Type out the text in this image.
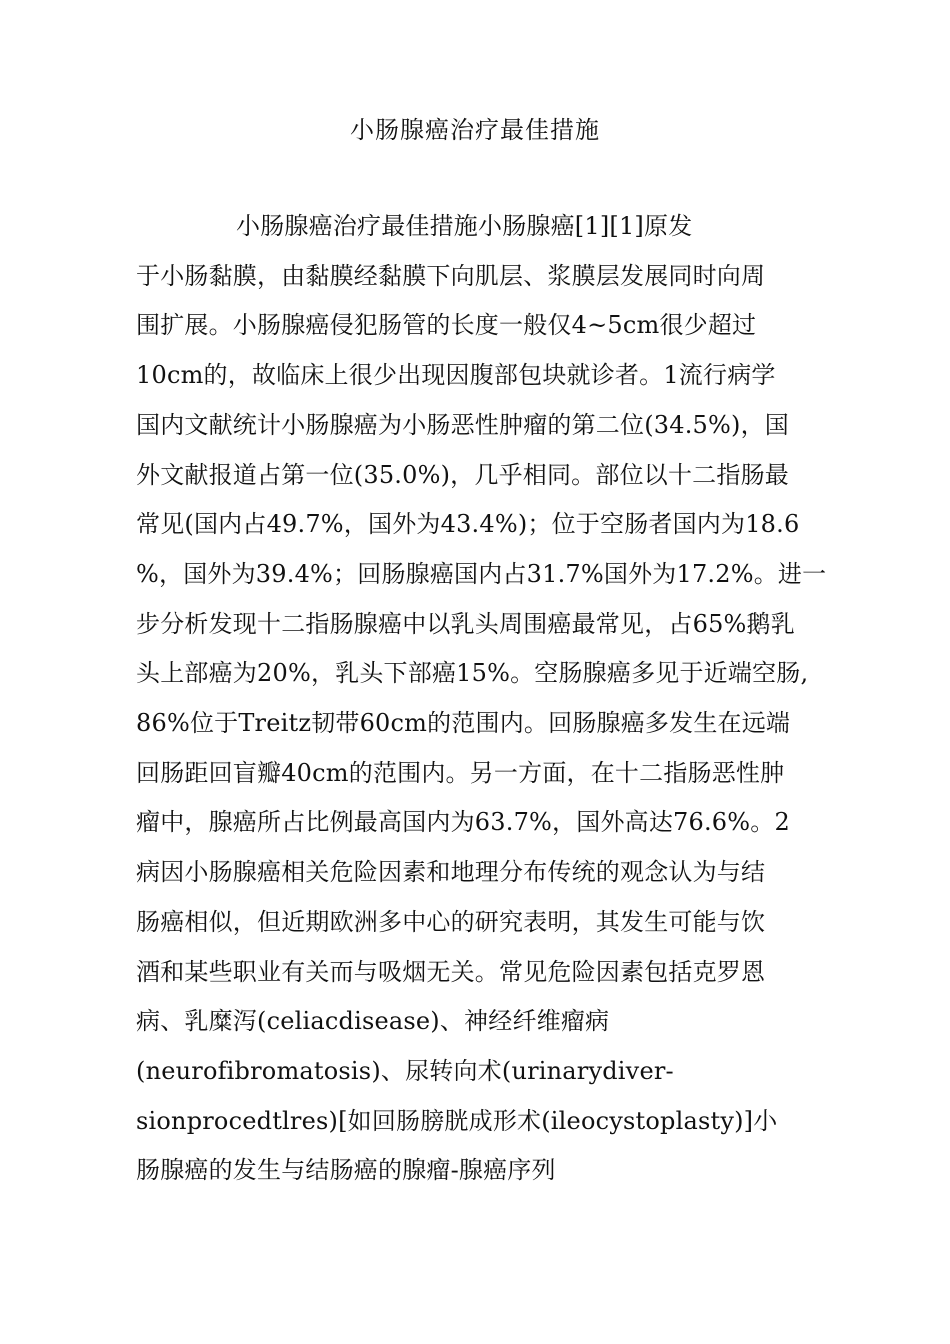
小肠腺癌治疗最佳措施
小肠腺癌治疗最佳措施小肠腺癌[1][1]原发
于小肠黏膜，由黏膜经黏膜下向肌层、浆膜层发展同时向周
围扩展。小肠腺癌侵犯肠管的长度一般仅4~5cm很少超过
10cm的，故临床上很少出现因腹部包块就诊者。1流行病学
国内文献统计小肠腺癌为小肠恶性肿瘤的第二位(34.5%)，国
外文献报道占第一位(35.0%)，几乎相同。部位以十二指肠最
常见(国内占49.7%，国外为43.4%)；位于空肠者国内为18.6
%，国外为39.4%；回肠腺癌国内占31.7%国外为17.2%。进一
步分析发现十二指肠腺癌中以乳头周围癌最常见，占65%鹅乳
头上部癌为20%，乳头下部癌15%。空肠腺癌多见于近端空肠,
86%位于Treitz韧带60cm的范围内。回肠腺癌多发生在远端
回肠距回盲瓣40cm的范围内。另一方面，在十二指肠恶性肿
瘤中，腺癌所占比例最高国内为63.7%，国外高达76.6%。2
病因小肠腺癌相关危险因素和地理分布传统的观念认为与结
肠癌相似，但近期欧洲多中心的研究表明，其发生可能与饮
酒和某些职业有关而与吸烟无关。常见危险因素包括克罗恩
病、乳糜泻(celiacdisease)、神经纤维瘤病
(neurofibromatosis)、尿转向术(urinarydiver-
sionprocedtlres)[如回肠膀胱成形术(ileocystoplasty)]小
肠腺癌的发生与结肠癌的腺瘤-腺癌序列
